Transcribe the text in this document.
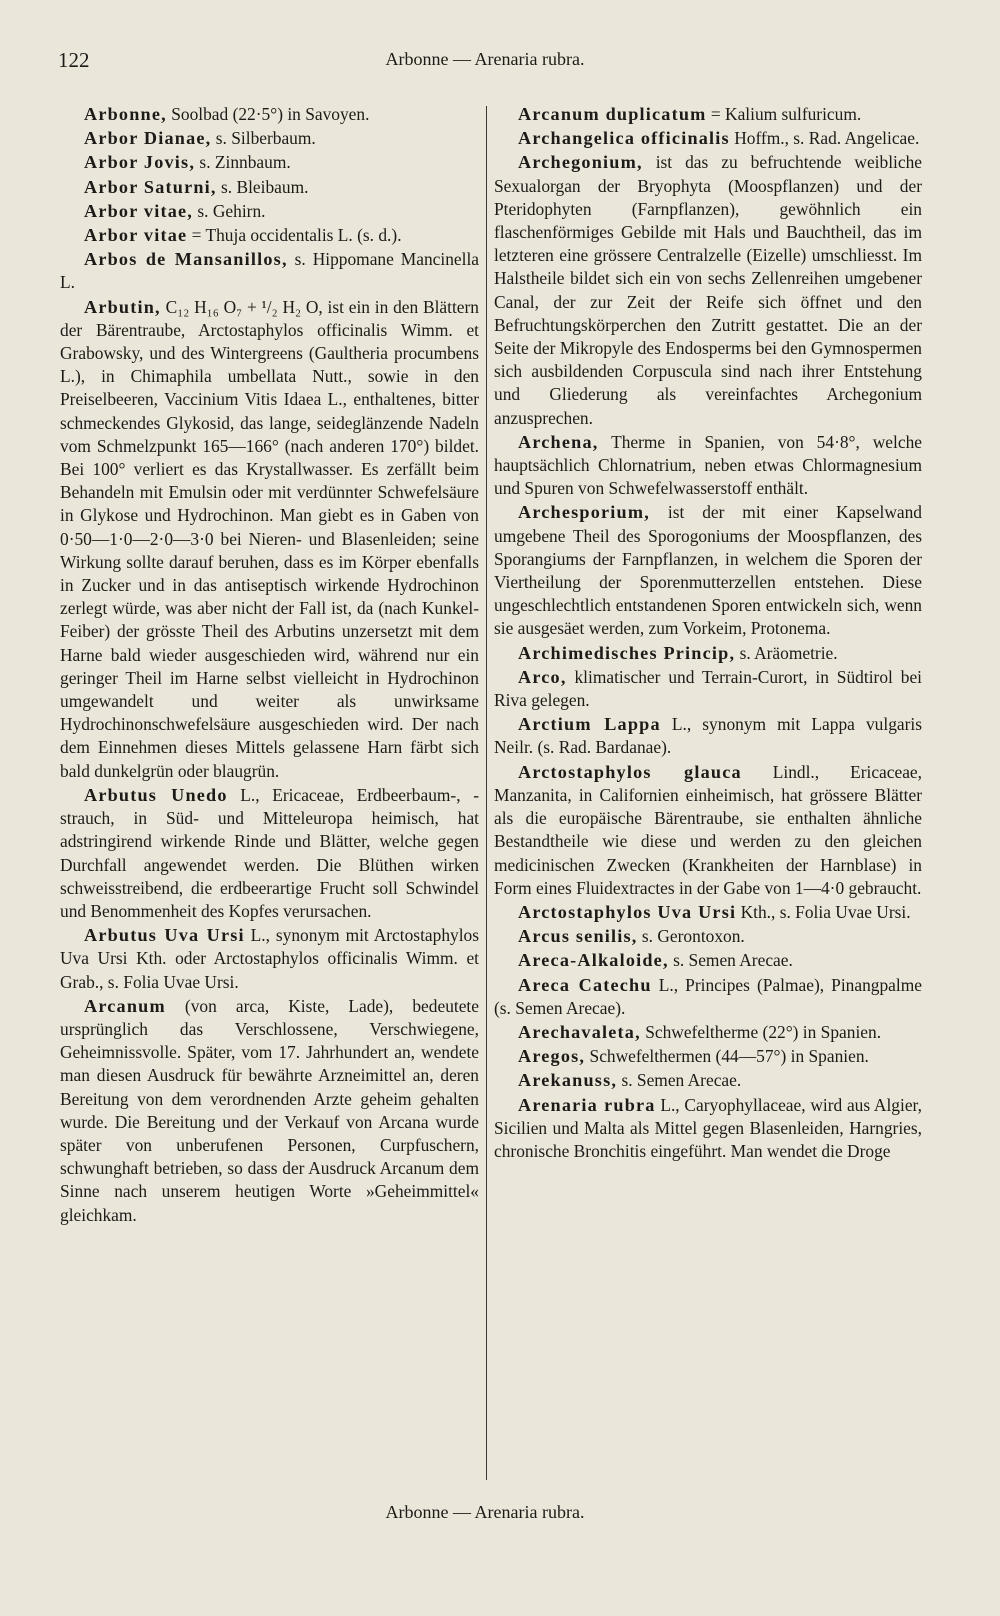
122	Arbonne — Arenaria rubra.

Arbonne, Soolbad (22·5°) in Savoyen.

Arbor Dianae, s. Silberbaum.

Arbor Jovis, s. Zinnbaum.

Arbor Saturni, s. Bleibaum.

Arbor vitae, s. Gehirn.

Arbor vitae = Thuja occidentalis L. (s. d.).

Arbos de Mansanillos, s. Hippomane Mancinella L.

Arbutin, C₁₂ H₁₆ O₇ + ¹/₂ H₂ O, ist ein in den Blättern der Bärentraube, Arctostaphylos officinalis Wimm. et Grabowsky, und des Wintergreens (Gaultheria procumbens L.), in Chimaphila umbellata Nutt., sowie in den Preiselbeeren, Vaccinium Vitis Idaea L., enthaltenes, bitter schmeckendes Glykosid, das lange, seideglänzende Nadeln vom Schmelzpunkt 165—166° (nach anderen 170°) bildet. Bei 100° verliert es das Krystallwasser. Es zerfällt beim Behandeln mit Emulsin oder mit verdünnter Schwefelsäure in Glykose und Hydrochinon. Man giebt es in Gaben von 0·50—1·0—2·0—3·0 bei Nieren- und Blasenleiden; seine Wirkung sollte darauf beruhen, dass es im Körper ebenfalls in Zucker und in das antiseptisch wirkende Hydrochinon zerlegt würde, was aber nicht der Fall ist, da (nach Kunkel-Feiber) der grösste Theil des Arbutins unzersetzt mit dem Harne bald wieder ausgeschieden wird, während nur ein geringer Theil im Harne selbst vielleicht in Hydrochinon umgewandelt und weiter als unwirksame Hydrochinonschwefelsäure ausgeschieden wird. Der nach dem Einnehmen dieses Mittels gelassene Harn färbt sich bald dunkelgrün oder blaugrün.

Arbutus Unedo L., Ericaceae, Erdbeerbaum-, -strauch, in Süd- und Mitteleuropa heimisch, hat adstringirend wirkende Rinde und Blätter, welche gegen Durchfall angewendet werden. Die Blüthen wirken schweisstreibend, die erdbeerartige Frucht soll Schwindel und Benommenheit des Kopfes verursachen.

Arbutus Uva Ursi L., synonym mit Arctostaphylos Uva Ursi Kth. oder Arctostaphylos officinalis Wimm. et Grab., s. Folia Uvae Ursi.

Arcanum (von arca, Kiste, Lade), bedeutete ursprünglich das Verschlossene, Verschwiegene, Geheimnissvolle. Später, vom 17. Jahrhundert an, wendete man diesen Ausdruck für bewährte Arzneimittel an, deren Bereitung von dem verordnenden Arzte geheim gehalten wurde. Die Bereitung und der Verkauf von Arcana wurde später von unberufenen Personen, Curpfuschern, schwunghaft betrieben, so dass der Ausdruck Arcanum dem Sinne nach unserem heutigen Worte »Geheimmittel« gleichkam.

Arcanum duplicatum = Kalium sulfuricum.

Archangelica officinalis Hoffm., s. Rad. Angelicae.

Archegonium, ist das zu befruchtende weibliche Sexualorgan der Bryophyta (Moospflanzen) und der Pteridophyten (Farnpflanzen), gewöhnlich ein flaschenförmiges Gebilde mit Hals und Bauchtheil, das im letzteren eine grössere Centralzelle (Eizelle) umschliesst. Im Halstheile bildet sich ein von sechs Zellenreihen umgebener Canal, der zur Zeit der Reife sich öffnet und den Befruchtungskörperchen den Zutritt gestattet. Die an der Seite der Mikropyle des Endosperms bei den Gymnospermen sich ausbildenden Corpuscula sind nach ihrer Entstehung und Gliederung als vereinfachtes Archegonium anzusprechen.

Archena, Therme in Spanien, von 54·8°, welche hauptsächlich Chlornatrium, neben etwas Chlormagnesium und Spuren von Schwefelwasserstoff enthält.

Archesporium, ist der mit einer Kapselwand umgebene Theil des Sporogoniums der Moospflanzen, des Sporangiums der Farnpflanzen, in welchem die Sporen der Viertheilung der Sporenmutterzellen entstehen. Diese ungeschlechtlich entstandenen Sporen entwickeln sich, wenn sie ausgesäet werden, zum Vorkeim, Protonema.

Archimedisches Princip, s. Aräometrie.

Arco, klimatischer und Terrain-Curort, in Südtirol bei Riva gelegen.

Arctium Lappa L., synonym mit Lappa vulgaris Neilr. (s. Rad. Bardanae).

Arctostaphylos glauca Lindl., Ericaceae, Manzanita, in Californien einheimisch, hat grössere Blätter als die europäische Bärentraube, sie enthalten ähnliche Bestandtheile wie diese und werden zu den gleichen medicinischen Zwecken (Krankheiten der Harnblase) in Form eines Fluidextractes in der Gabe von 1—4·0 gebraucht.

Arctostaphylos Uva Ursi Kth., s. Folia Uvae Ursi.

Arcus senilis, s. Gerontoxon.

Areca-Alkaloide, s. Semen Arecae.

Areca Catechu L., Principes (Palmae), Pinangpalme (s. Semen Arecae).

Arechavaleta, Schwefeltherme (22°) in Spanien.

Aregos, Schwefelthermen (44—57°) in Spanien.

Arekanuss, s. Semen Arecae.

Arenaria rubra L., Caryophyllaceae, wird aus Algier, Sicilien und Malta als Mittel gegen Blasenleiden, Harngries, chronische Bronchitis eingeführt. Man wendet die Droge

Arbonne — Arenaria rubra.
